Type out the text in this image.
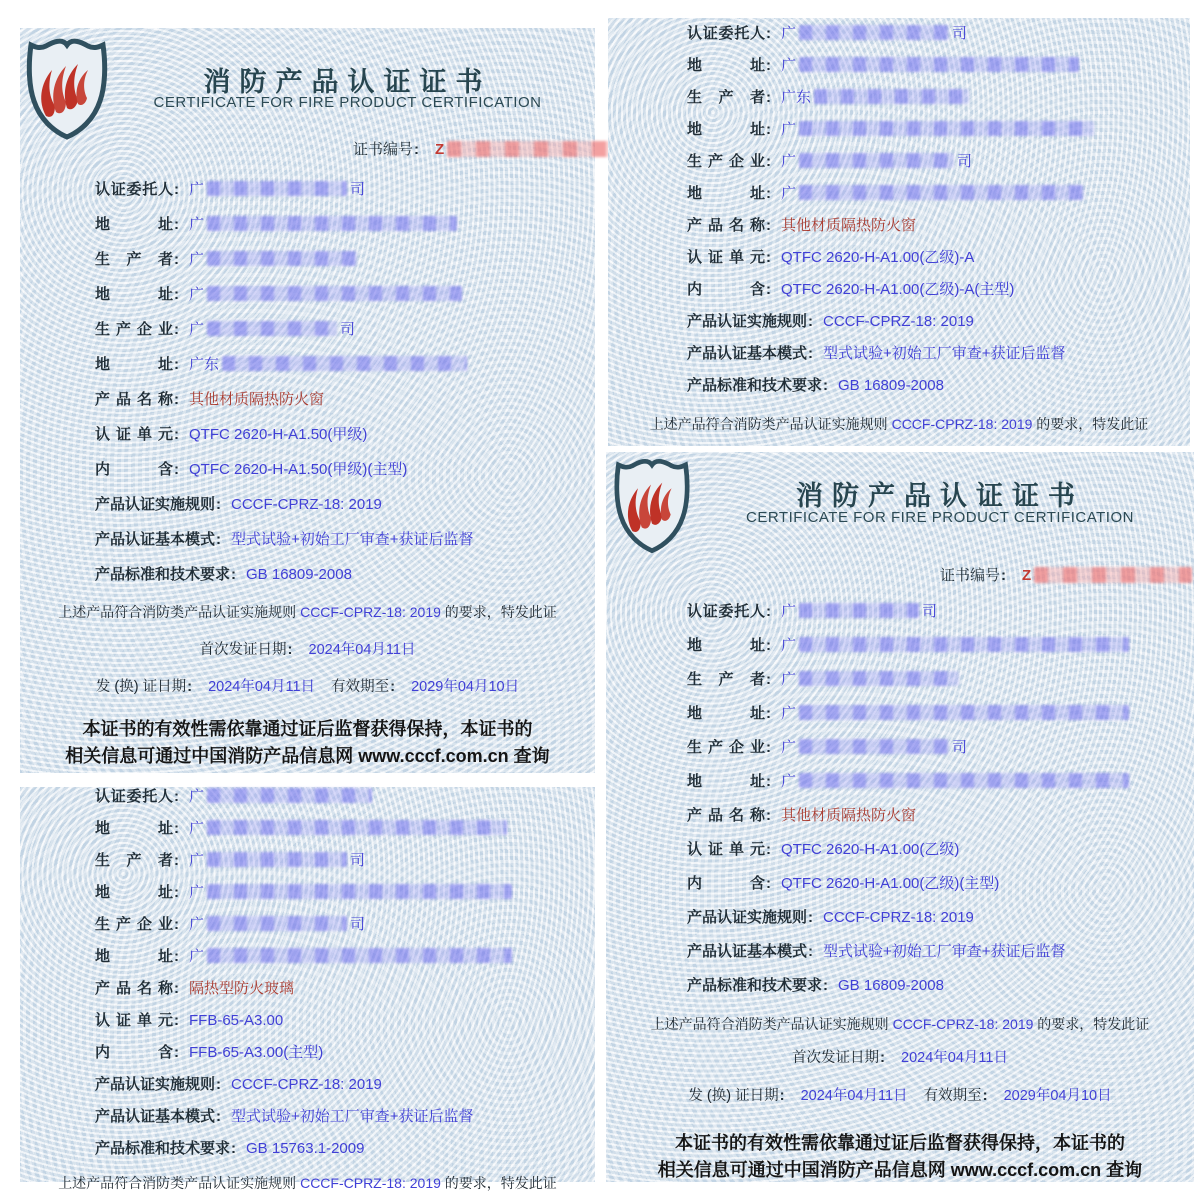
消防产品认证证书
CERTIFICATE FOR FIRE PRODUCT CERTIFICATION
证书编号: Z
认证委托人: 广	司
地址: 广
生产者: 广
地址: 广
生产企业: 广	司
地址: 广东
产品名称: 其他材质隔热防火窗
认证单元: QTFC 2620-H-A1.50(甲级)
内含: QTFC 2620-H-A1.50(甲级)(主型)
产品认证实施规则: CCCF-CPRZ-18: 2019
产品认证基本模式: 型式试验+初始工厂审查+获证后监督
产品标准和技术要求: GB 16809-2008
上述产品符合消防类产品认证实施规则 CCCF-CPRZ-18: 2019 的要求，特发此证
首次发证日期: 2024年04月11日
发 (换) 证日期: 2024年04月11日 有效期至: 2029年04月10日
本证书的有效性需依靠通过证后监督获得保持，本证书的
相关信息可通过中国消防产品信息网 www.cccf.com.cn 查询
认证委托人: 广	司
地址: 广
生产者: 广东
地址: 广
生产企业: 广	司
地址: 广
产品名称: 其他材质隔热防火窗
认证单元: QTFC 2620-H-A1.00(乙级)-A
内含: QTFC 2620-H-A1.00(乙级)-A(主型)
产品认证实施规则: CCCF-CPRZ-18: 2019
产品认证基本模式: 型式试验+初始工厂审查+获证后监督
产品标准和技术要求: GB 16809-2008
上述产品符合消防类产品认证实施规则 CCCF-CPRZ-18: 2019 的要求，特发此证
认证委托人: 广
地址: 广
生产者: 广	司
地址: 广
生产企业: 广	司
地址: 广
产品名称: 隔热型防火玻璃
认证单元: FFB-65-A3.00
内含: FFB-65-A3.00(主型)
产品认证实施规则: CCCF-CPRZ-18: 2019
产品认证基本模式: 型式试验+初始工厂审查+获证后监督
产品标准和技术要求: GB 15763.1-2009
上述产品符合消防类产品认证实施规则 CCCF-CPRZ-18: 2019 的要求，特发此证
消防产品认证证书
CERTIFICATE FOR FIRE PRODUCT CERTIFICATION
证书编号: Z
认证委托人: 广	司
地址: 广
生产者: 广
地址: 广
生产企业: 广	司
地址: 广
产品名称: 其他材质隔热防火窗
认证单元: QTFC 2620-H-A1.00(乙级)
内含: QTFC 2620-H-A1.00(乙级)(主型)
产品认证实施规则: CCCF-CPRZ-18: 2019
产品认证基本模式: 型式试验+初始工厂审查+获证后监督
产品标准和技术要求: GB 16809-2008
上述产品符合消防类产品认证实施规则 CCCF-CPRZ-18: 2019 的要求，特发此证
首次发证日期: 2024年04月11日
发 (换) 证日期: 2024年04月11日 有效期至: 2029年04月10日
本证书的有效性需依靠通过证后监督获得保持，本证书的
相关信息可通过中国消防产品信息网 www.cccf.com.cn 查询
